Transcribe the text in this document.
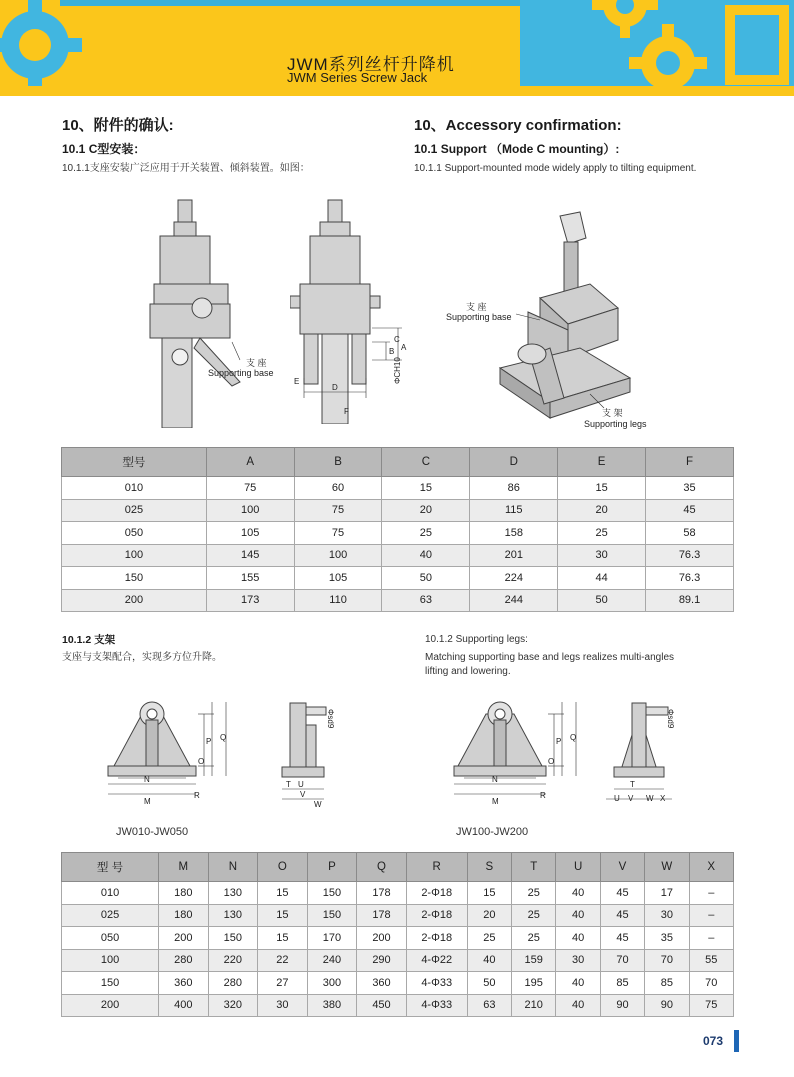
JWM系列丝杆升降机
JWM Series Screw Jack
10、附件的确认:	10、Accessory confirmation:
10.1 C型安装：	10.1 Support （Mode C mounting）:
10.1.1支座安装广泛应用于开关装置、倾斜装置。如图：	10.1.1 Support-mounted mode widely apply to tilting equipment.
支 座
Supporting base
A
B
C
D
E
F
ΦCH10
支 座
Supporting base
支 架
Supporting legs
型号	A	B	C	D	E	F
010	75	60	15	86	15	35
025	100	75	20	115	20	45
050	105	75	25	158	25	58
100	145	100	40	201	30	76.3
150	155	105	50	224	44	76.3
200	173	110	63	244	50	89.1
10.1.2 支架
支座与支架配合，实现多方位升降。
10.1.2 Supporting legs:
Matching supporting base and legs realizes multi-angles
lifting and lowering.
N
M
R
O
P Q
T U
V
W
Φsd9
N
M
R
O
P Q
T
U V W X
Φsd9
JW010-JW050	JW100-JW200
型 号	M	N	O	P	Q	R	S	T	U	V	W	X
010	180	130	15	150	178	2-Φ18	15	25	40	45	17	–
025	180	130	15	150	178	2-Φ18	20	25	40	45	30	–
050	200	150	15	170	200	2-Φ18	25	25	40	45	35	–
100	280	220	22	240	290	4-Φ22	40	159	30	70	70	55
150	360	280	27	300	360	4-Φ33	50	195	40	85	85	70
200	400	320	30	380	450	4-Φ33	63	210	40	90	90	75
073
